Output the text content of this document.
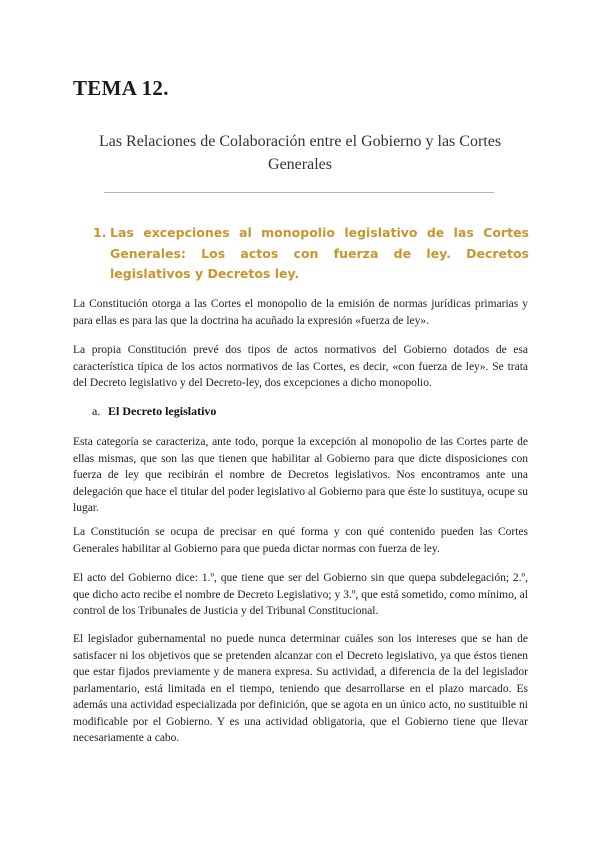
TEMA 12.
Las Relaciones de Colaboración entre el Gobierno y las Cortes Generales
1. Las excepciones al monopolio legislativo de las Cortes Generales: Los actos con fuerza de ley. Decretos legislativos y Decretos ley.

La Constitución otorga a las Cortes el monopolio de la emisión de normas jurídicas primarias y para ellas es para las que la doctrina ha acuñado la expresión «fuerza de ley».

La propia Constitución prevé dos tipos de actos normativos del Gobierno dotados de esa característica típica de los actos normativos de las Cortes, es decir, «con fuerza de ley». Se trata del Decreto legislativo y del Decreto-ley, dos excepciones a dicho monopolio.

a. El Decreto legislativo

Esta categoría se caracteriza, ante todo, porque la excepción al monopolio de las Cortes parte de ellas mismas, que son las que tienen que habilitar al Gobierno para que dicte disposiciones con fuerza de ley que recibirán el nombre de Decretos legislativos. Nos encontramos ante una delegación que hace el titular del poder legislativo al Gobierno para que éste lo sustituya, ocupe su lugar.

La Constitución se ocupa de precisar en qué forma y con qué contenido pueden las Cortes Generales habilitar al Gobierno para que pueda dictar normas con fuerza de ley.

El acto del Gobierno dice: 1.º, que tiene que ser del Gobierno sin que quepa subdelegación; 2.º, que dicho acto recibe el nombre de Decreto Legislativo; y 3.º, que está sometido, como mínimo, al control de los Tribunales de Justicia y del Tribunal Constitucional.

El legislador gubernamental no puede nunca determinar cuáles son los intereses que se han de satisfacer ni los objetivos que se pretenden alcanzar con el Decreto legislativo, ya que éstos tienen que estar fijados previamente y de manera expresa. Su actividad, a diferencia de la del legislador parlamentario, está limitada en el tiempo, teniendo que desarrollarse en el plazo marcado. Es además una actividad especializada por definición, que se agota en un único acto, no sustituible ni modificable por el Gobierno. Y es una actividad obligatoria, que el Gobierno tiene que llevar necesariamente a cabo.
